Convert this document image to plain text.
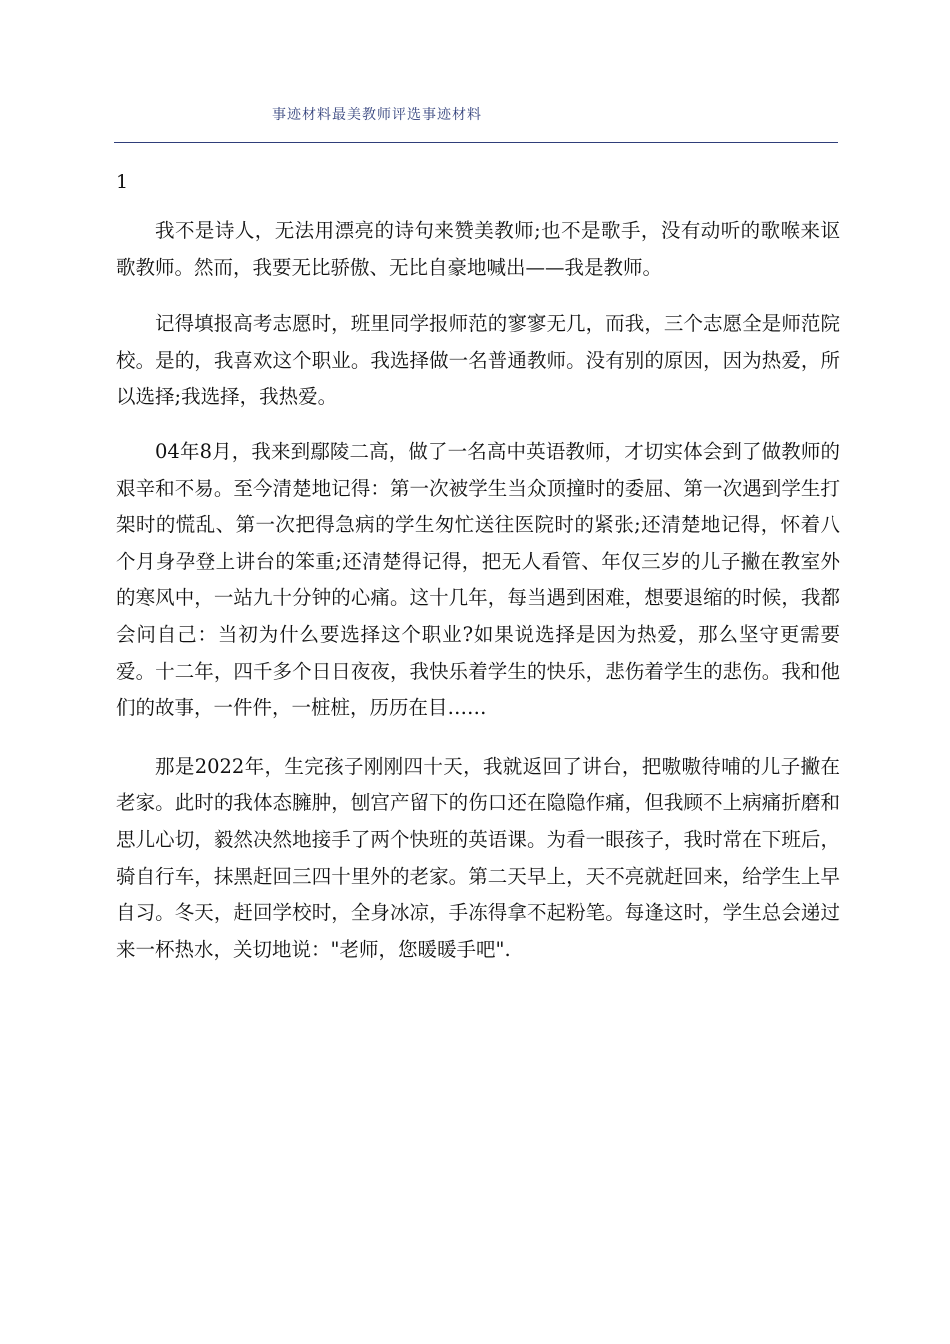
事迹材料最美教师评选事迹材料
1

我不是诗人，无法用漂亮的诗句来赞美教师;也不是歌手，没有动听的歌喉来讴歌教师。然而，我要无比骄傲、无比自豪地喊出——我是教师。

记得填报高考志愿时，班里同学报师范的寥寥无几，而我，三个志愿全是师范院校。是的，我喜欢这个职业。我选择做一名普通教师。没有别的原因，因为热爱，所以选择;我选择，我热爱。

04年8月，我来到鄢陵二高，做了一名高中英语教师，才切实体会到了做教师的艰辛和不易。至今清楚地记得：第一次被学生当众顶撞时的委屈、第一次遇到学生打架时的慌乱、第一次把得急病的学生匆忙送往医院时的紧张;还清楚地记得，怀着八个月身孕登上讲台的笨重;还清楚得记得，把无人看管、年仅三岁的儿子撇在教室外的寒风中，一站九十分钟的心痛。这十几年，每当遇到困难，想要退缩的时候，我都会问自己：当初为什么要选择这个职业?如果说选择是因为热爱，那么坚守更需要爱。十二年，四千多个日日夜夜，我快乐着学生的快乐，悲伤着学生的悲伤。我和他们的故事，一件件，一桩桩，历历在目……

那是2022年，生完孩子刚刚四十天，我就返回了讲台，把嗷嗷待哺的儿子撇在老家。此时的我体态臃肿，刨宫产留下的伤口还在隐隐作痛，但我顾不上病痛折磨和思儿心切，毅然决然地接手了两个快班的英语课。为看一眼孩子，我时常在下班后，骑自行车，抹黑赶回三四十里外的老家。第二天早上，天不亮就赶回来，给学生上早自习。冬天，赶回学校时，全身冰凉，手冻得拿不起粉笔。每逢这时，学生总会递过来一杯热水，关切地说："老师，您暖暖手吧".
